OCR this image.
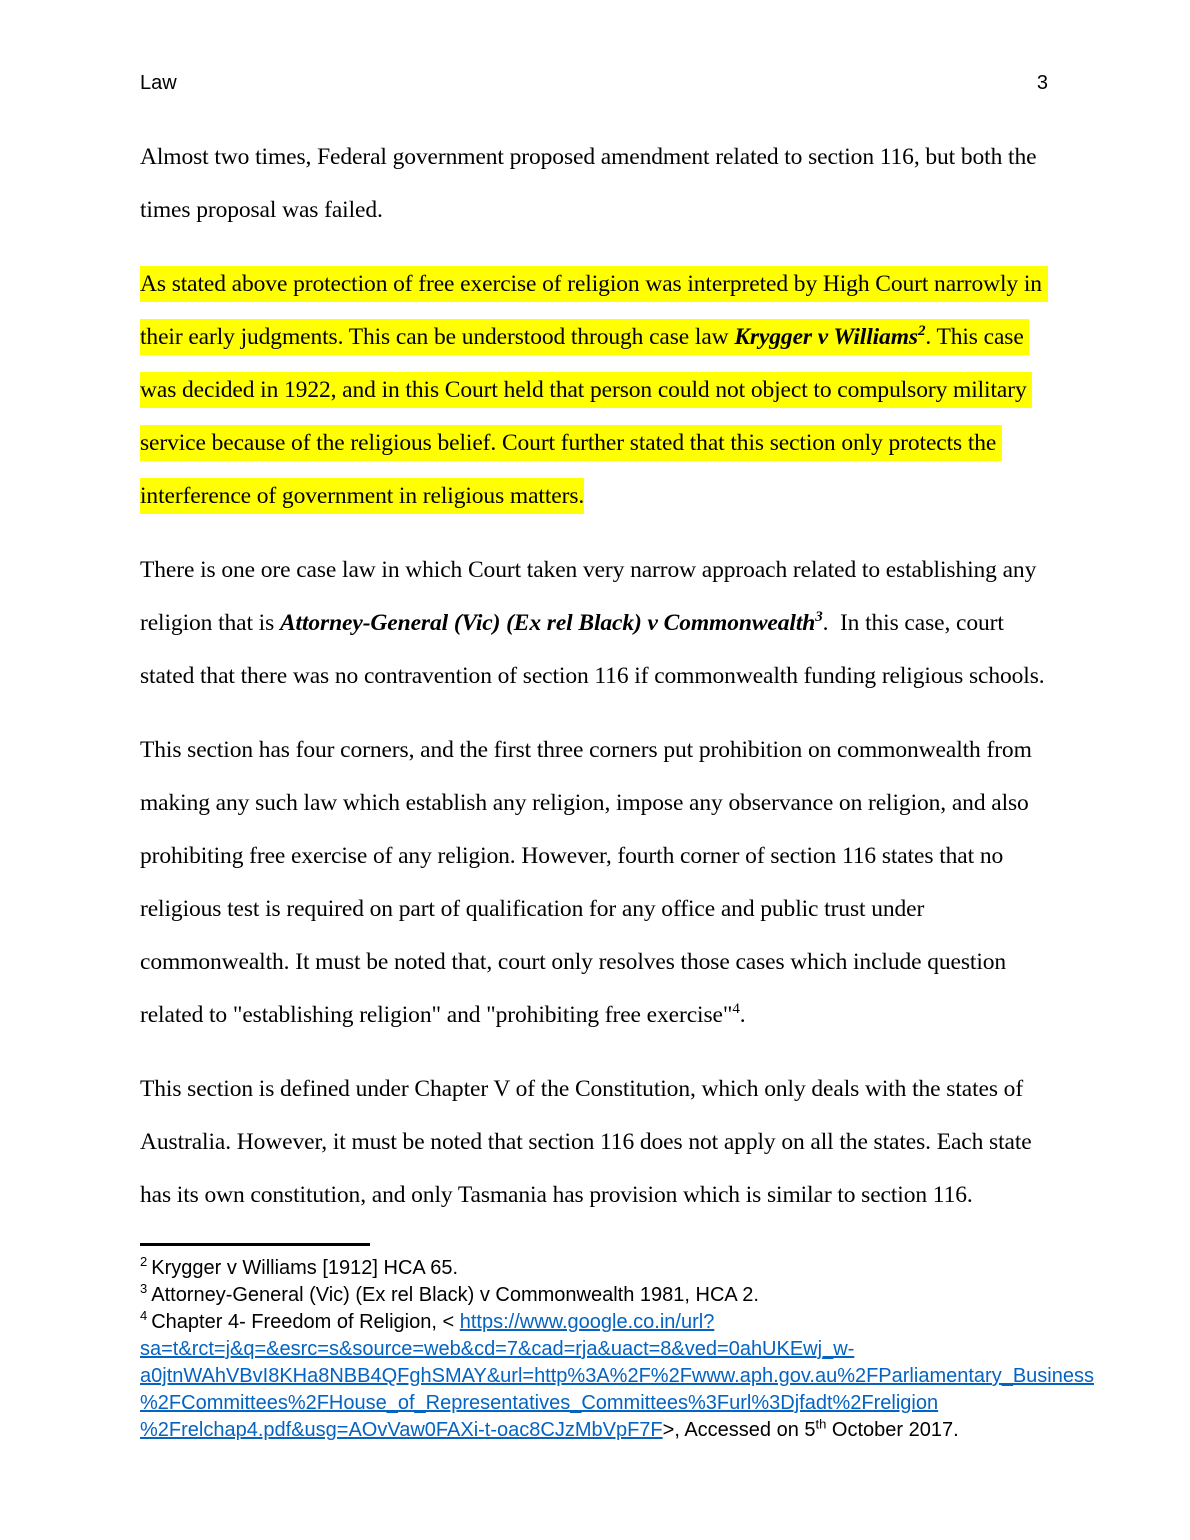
Law	3

Almost two times, Federal government proposed amendment related to section 116, but both the times proposal was failed.

As stated above protection of free exercise of religion was interpreted by High Court narrowly in their early judgments. This can be understood through case law Krygger v Williams$^2$. This case was decided in 1922, and in this Court held that person could not object to compulsory military service because of the religious belief. Court further stated that this section only protects the interference of government in religious matters.

There is one ore case law in which Court taken very narrow approach related to establishing any religion that is Attorney-General (Vic) (Ex rel Black) v Commonwealth$^3$.  In this case, court stated that there was no contravention of section 116 if commonwealth funding religious schools.

This section has four corners, and the first three corners put prohibition on commonwealth from making any such law which establish any religion, impose any observance on religion, and also prohibiting free exercise of any religion. However, fourth corner of section 116 states that no religious test is required on part of qualification for any office and public trust under commonwealth. It must be noted that, court only resolves those cases which include question related to "establishing religion" and "prohibiting free exercise"$^4$.

This section is defined under Chapter V of the Constitution, which only deals with the states of Australia. However, it must be noted that section 116 does not apply on all the states. Each state has its own constitution, and only Tasmania has provision which is similar to section 116.

$^2$ Krygger v Williams [1912] HCA 65.
$^3$ Attorney-General (Vic) (Ex rel Black) v Commonwealth 1981, HCA 2.
$^4$ Chapter 4- Freedom of Religion, < https://www.google.co.in/url?
sa=t&rct=j&q=&esrc=s&source=web&cd=7&cad=rja&uact=8&ved=0ahUKEwj_w-
a0jtnWAhVBvI8KHa8NBB4QFghSMAY&url=http%3A%2F%2Fwww.aph.gov.au%2FParliamentary_Business
%2FCommittees%2FHouse_of_Representatives_Committees%3Furl%3Djfadt%2Freligion
%2Frelchap4.pdf&usg=AOvVaw0FAXi-t-oac8CJzMbVpF7F>, Accessed on 5th October 2017.
